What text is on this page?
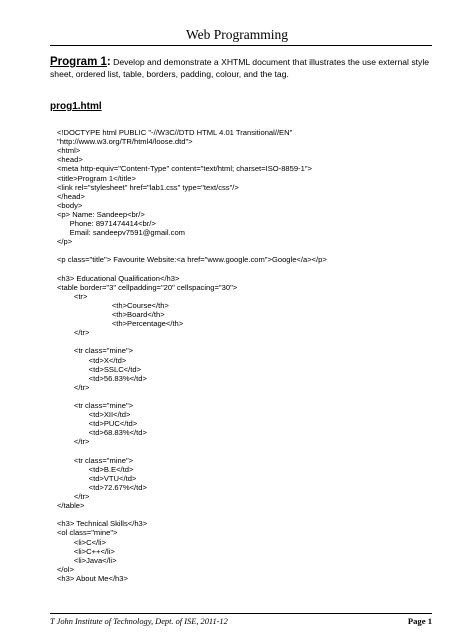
Web Programming
Program 1: Develop and demonstrate a XHTML document that illustrates the use external style sheet, ordered list, table, borders, padding, colour, and the tag.
prog1.html
<!DOCTYPE html PUBLIC "-//W3C//DTD HTML 4.01 Transitional//EN"
"http://www.w3.org/TR/html4/loose.dtd">
<html>
<head>
<meta http-equiv="Content-Type" content="text/html; charset=ISO-8859-1">
<title>Program 1</title>
<link rel="stylesheet" href="lab1.css" type="text/css"/>
</head>
<body>
<p> Name: Sandeep<br/>
Phone: 8971474414<br/>
Email: sandeepv7591@gmail.com
</p>
<p class="title"> Favourite Website:<a href="www.google.com">Google</a></p>
<h3> Educational Qualification</h3>
<table border="3" cellpadding="20" cellspacing="30">
<tr>
<th>Course</th>
<th>Board</th>
<th>Percentage</th>
</tr>
<tr class="mine">
<td>X</td>
<td>SSLC</td>
<td>56.83%</td>
</tr>
<tr class="mine">
<td>XII</td>
<td>PUC</td>
<td>68.83%</td>
</tr>
<tr class="mine">
<td>B.E</td>
<td>VTU</td>
<td>72.67%</td>
</tr>
</table>
<h3> Technical Skills</h3>
<ol class="mine">
<li>C</li>
<li>C++</li>
<li>Java</li>
</ol>
<h3> About Me</h3>
T John Institute of Technology, Dept. of ISE, 2011-12	Page 1
